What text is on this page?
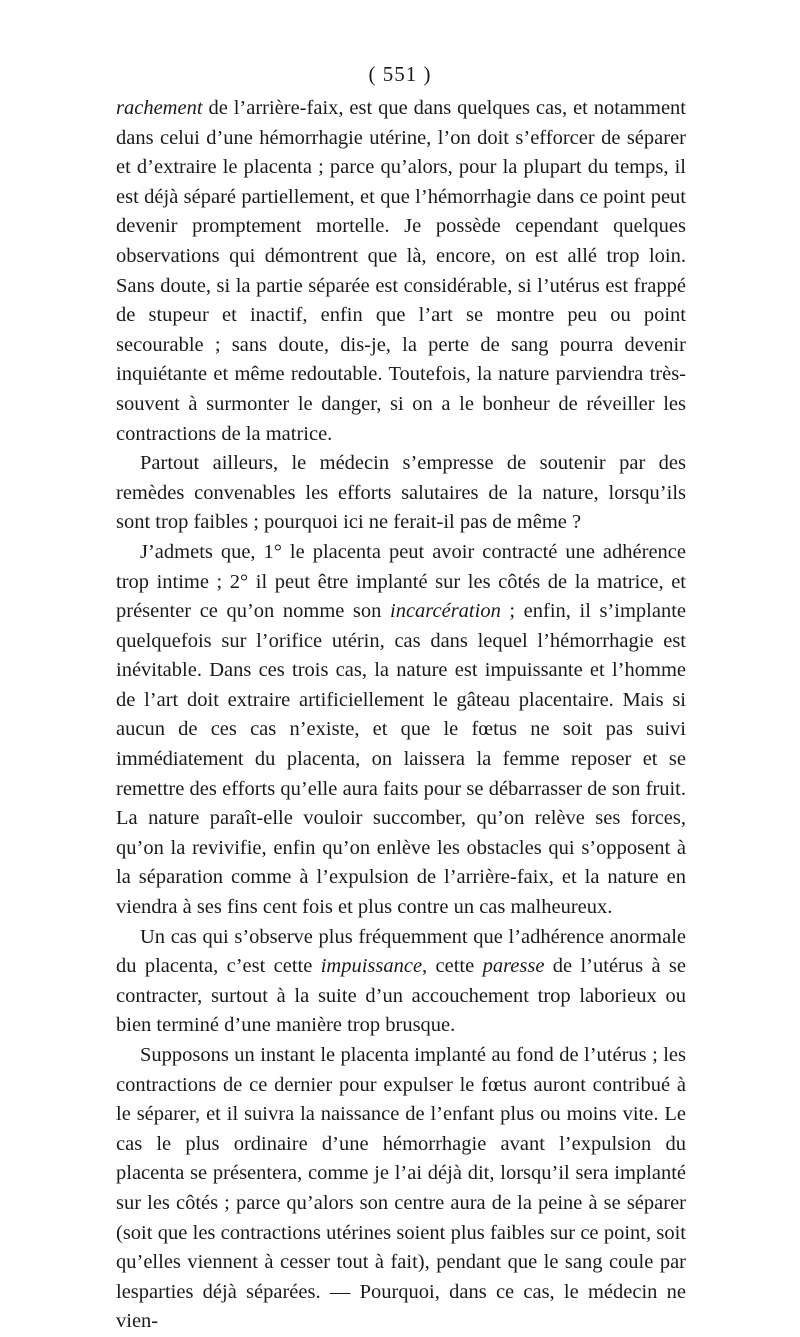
( 551 )

rachement de l’arrière-faix, est que dans quelques cas, et notamment dans celui d’une hémorrhagie utérine, l’on doit s’efforcer de séparer et d’extraire le placenta ; parce qu’alors, pour la plupart du temps, il est déjà séparé partiellement, et que l’hémorrhagie dans ce point peut devenir promptement mortelle. Je possède cependant quelques observations qui démontrent que là, encore, on est allé trop loin. Sans doute, si la partie séparée est considérable, si l’utérus est frappé de stupeur et inactif, enfin que l’art se montre peu ou point secourable ; sans doute, dis-je, la perte de sang pourra devenir inquiétante et même redoutable. Toutefois, la nature parviendra très-souvent à surmonter le danger, si on a le bonheur de réveiller les contractions de la matrice.

Partout ailleurs, le médecin s’empresse de soutenir par des remèdes convenables les efforts salutaires de la nature, lorsqu’ils sont trop faibles ; pourquoi ici ne ferait-il pas de même ?

J’admets que, 1° le placenta peut avoir contracté une adhérence trop intime ; 2° il peut être implanté sur les côtés de la matrice, et présenter ce qu’on nomme son incarcération ; enfin, il s’implante quelquefois sur l’orifice utérin, cas dans lequel l’hémorrhagie est inévitable. Dans ces trois cas, la nature est impuissante et l’homme de l’art doit extraire artificiellement le gâteau placentaire. Mais si aucun de ces cas n’existe, et que le fœtus ne soit pas suivi immédiatement du placenta, on laissera la femme reposer et se remettre des efforts qu’elle aura faits pour se débarrasser de son fruit. La nature paraît-elle vouloir succomber, qu’on relève ses forces, qu’on la revivifie, enfin qu’on enlève les obstacles qui s’opposent à la séparation comme à l’expulsion de l’arrière-faix, et la nature en viendra à ses fins cent fois et plus contre un cas malheureux.

Un cas qui s’observe plus fréquemment que l’adhérence anormale du placenta, c’est cette impuissance, cette paresse de l’utérus à se contracter, surtout à la suite d’un accouchement trop laborieux ou bien terminé d’une manière trop brusque.

Supposons un instant le placenta implanté au fond de l’utérus ; les contractions de ce dernier pour expulser le fœtus auront contribué à le séparer, et il suivra la naissance de l’enfant plus ou moins vite. Le cas le plus ordinaire d’une hémorrhagie avant l’expulsion du placenta se présentera, comme je l’ai déjà dit, lorsqu’il sera implanté sur les côtés ; parce qu’alors son centre aura de la peine à se séparer (soit que les contractions utérines soient plus faibles sur ce point, soit qu’elles viennent à cesser tout à fait), pendant que le sang coule par lesparties déjà séparées. — Pourquoi, dans ce cas, le médecin ne vien-
